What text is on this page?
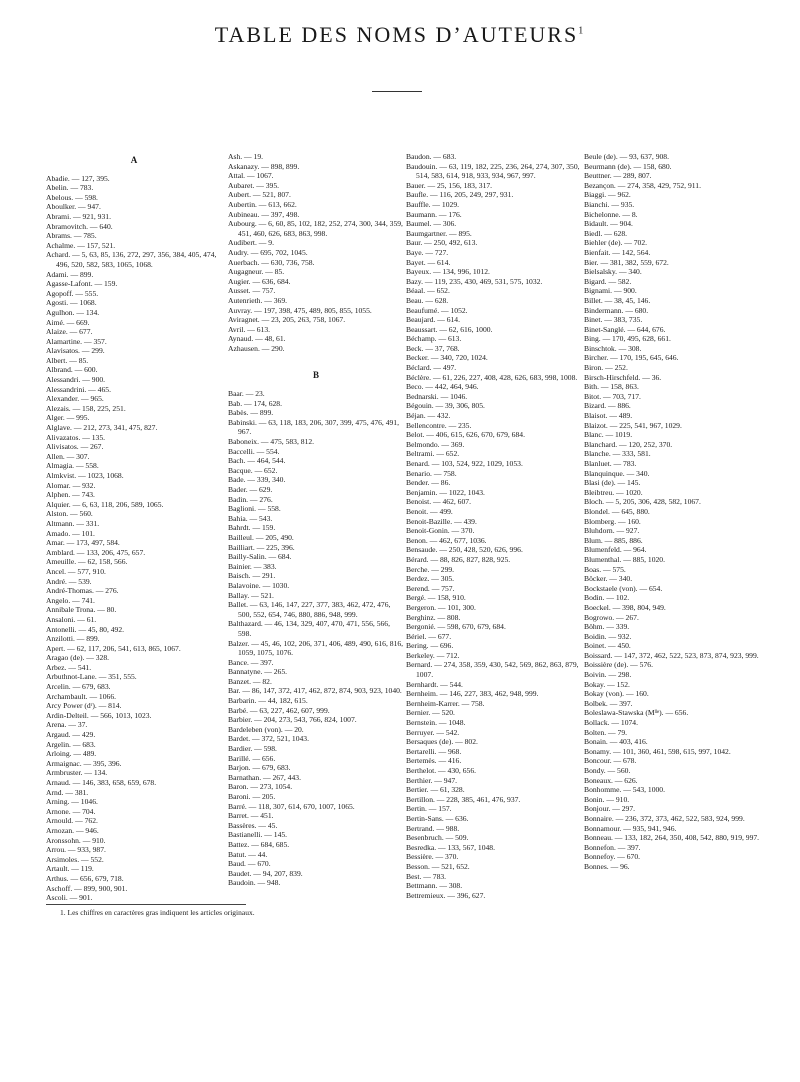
TABLE DES NOMS D’AUTEURS$^1$
A
Abadie. — 127, 395.
Abelin. — 783.
Abelous. — 598.
Aboulker. — 947.
Abrami. — 921, 931.
Abramovitch. — 640.
Abrams. — 785.
Achalme. — 157, 521.
Achard. — 5, 63, 85, 136, 272, 297, 356, 384, 405, 474, 496, 520, 582, 583, 1065, 1068.
Adami. — 899.
Agasse-Lafont. — 159.
Agopoff. — 555.
Agosti. — 1068.
Agulhon. — 134.
Aimé. — 669.
Alaize. — 677.
Alamartine. — 357.
Alavisatos. — 299.
Albert. — 85.
Albrand. — 600.
Alessandri. — 900.
Alessandrini. — 465.
Alexander. — 965.
Alezais. — 158, 225, 251.
Alger. — 995.
Alglave. — 212, 273, 341, 475, 827.
Alivazatos. — 135.
Alivisatos. — 267.
Allen. — 307.
Almagia. — 558.
Almkvist. — 1023, 1068.
Alomar. — 932.
Alphen. — 743.
Alquier. — 6, 63, 118, 206, 589, 1065.
Alston. — 560.
Altmann. — 331.
Amado. — 101.
Amar. — 173, 497, 584.
Amblard. — 133, 206, 475, 657.
Ameuille. — 62, 158, 566.
Ancel. — 577, 910.
André. — 539.
André-Thomas. — 276.
Angelo. — 741.
Annibale Trona. — 80.
Ansaloni. — 61.
Antonelli. — 45, 80, 492.
Anzilotti. — 899.
Apert. — 62, 117, 206, 541, 613, 865, 1067.
Aragao (de). — 328.
Arbez. — 541.
Arbuthnot-Lane. — 351, 555.
Arcelin. — 679, 683.
Archambault. — 1066.
Arcy Power (dʳ). — 814.
Ardin-Delteil. — 566, 1013, 1023.
Arena. — 37.
Argaud. — 429.
Argelin. — 683.
Arloing. — 489.
Armaignac. — 395, 396.
Armbruster. — 134.
Arnaud. — 146, 383, 658, 659, 678.
Arnd. — 381.
Arning. — 1046.
Arnone. — 704.
Arnould. — 762.
Arnozan. — 946.
Aronssohn. — 910.
Arrou. — 933, 987.
Arsimoles. — 552.
Artault. — 119.
Arthus. — 656, 679, 718.
Aschoff. — 899, 900, 901.
Ascoli. — 901.
Ash. — 19.
Askanazy. — 898, 899.
Attal. — 1067.
Aubaret. — 395.
Aubert. — 521, 807.
Aubertin. — 613, 662.
Aubineau. — 397, 498.
Aubourg. — 6, 60, 85, 102, 182, 252, 274, 300, 344, 359, 451, 460, 626, 683, 863, 998.
Audibert. — 9.
Audry. — 695, 702, 1045.
Auerbach. — 630, 736, 758.
Augagneur. — 85.
Augier. — 636, 684.
Ausset. — 757.
Autenrieth. — 369.
Auvray. — 197, 398, 475, 489, 805, 855, 1055.
Aviragnet. — 23, 205, 263, 758, 1067.
Avril. — 613.
Aynaud. — 48, 61.
Azhausen. — 290.
B
Baar. — 23.
Bab. — 174, 628.
Babès. — 899.
Babinski. — 63, 118, 183, 206, 307, 399, 475, 476, 491, 967.
Baboneix. — 475, 583, 812.
Baccelli. — 554.
Bach. — 464, 544.
Bacque. — 652.
Bade. — 339, 340.
Bader. — 629.
Badin. — 276.
Baglioni. — 558.
Bahia. — 543.
Bahrdt. — 159.
Bailleul. — 205, 490.
Bailliart. — 225, 396.
Bailly-Salin. — 684.
Bainier. — 383.
Baisch. — 291.
Balavoine. — 1030.
Ballay. — 521.
Ballet. — 63, 146, 147, 227, 377, 383, 462, 472, 476, 500, 552, 654, 746, 880, 886, 948, 999.
Balthazard. — 46, 134, 329, 407, 470, 471, 556, 566, 598.
Balzer. — 45, 46, 102, 206, 371, 406, 489, 490, 616, 816, 1059, 1075, 1076.
Bance. — 397.
Bannatyne. — 265.
Banzet. — 82.
Bar. — 86, 147, 372, 417, 462, 872, 874, 903, 923, 1040.
Barbarin. — 44, 182, 615.
Barbé. — 63, 227, 462, 607, 999.
Barbier. — 204, 273, 543, 766, 824, 1007.
Bardeleben (von). — 20.
Bardet. — 372, 521, 1043.
Bardier. — 598.
Barillé. — 656.
Barjon. — 679, 683.
Barnathan. — 267, 443.
Baron. — 273, 1054.
Baroni. — 205.
Barré. — 118, 307, 614, 670, 1007, 1065.
Barret. — 451.
Bassères. — 45.
Bastianelli. — 145.
Battez. — 684, 685.
Batut. — 44.
Baud. — 670.
Baudet. — 94, 207, 839.
Baudoin. — 948.
Baudon. — 683.
Baudouin. — 63, 119, 182, 225, 236, 264, 274, 307, 350, 514, 583, 614, 918, 933, 934, 967, 997.
Bauer. — 25, 156, 183, 317.
Baufle. — 116, 205, 249, 297, 931.
Bauffle. — 1029.
Baumann. — 176.
Baumel. — 306.
Baumgartner. — 895.
Baur. — 250, 492, 613.
Baye. — 727.
Bayet. — 614.
Bayeux. — 134, 996, 1012.
Bazy. — 119, 235, 430, 469, 531, 575, 1032.
Béaal. — 652.
Beau. — 628.
Beaufumé. — 1052.
Beaujard. — 614.
Beaussart. — 62, 616, 1000.
Béchamp. — 613.
Beck. — 37, 768.
Becker. — 340, 720, 1024.
Béclard. — 497.
Béclère. — 61, 226, 227, 408, 428, 626, 683, 998, 1008.
Beco. — 442, 464, 946.
Bednarski. — 1046.
Bégouin. — 39, 306, 805.
Béjan. — 432.
Bellencontre. — 235.
Belot. — 406, 615, 626, 670, 679, 684.
Belmondo. — 369.
Beltrami. — 652.
Benard. — 103, 524, 922, 1029, 1053.
Benario. — 758.
Bender. — 86.
Benjamin. — 1022, 1043.
Benoist. — 462, 607.
Benoit. — 499.
Benoit-Bazille. — 439.
Benoit-Gonin. — 370.
Benon. — 462, 677, 1036.
Bensaude. — 250, 428, 520, 626, 996.
Bérard. — 88, 826, 827, 828, 925.
Berche. — 299.
Berdez. — 305.
Berend. — 757.
Bergé. — 158, 910.
Bergeron. — 101, 300.
Berghinz. — 808.
Bergonié. — 598, 670, 679, 684.
Bériel. — 677.
Bering. — 696.
Berkeley. — 712.
Bernard. — 274, 358, 359, 430, 542, 569, 862, 863, 879, 1007.
Bernhardt. — 544.
Bernheim. — 146, 227, 383, 462, 948, 999.
Bernheim-Karrer. — 758.
Bernier. — 520.
Bernstein. — 1048.
Berruyer. — 542.
Bersaques (de). — 802.
Bertarelli. — 968.
Bertemès. — 416.
Berthelot. — 430, 656.
Berthier. — 947.
Bertier. — 61, 328.
Bertillon. — 228, 385, 461, 476, 937.
Bertin. — 157.
Bertin-Sans. — 636.
Bertrand. — 988.
Besenbruch. — 509.
Besredka. — 133, 567, 1048.
Bessière. — 370.
Besson. — 521, 652.
Best. — 783.
Bettmann. — 308.
Bettremieux. — 396, 627.
Beule (de). — 93, 637, 908.
Beurmann (de). — 158, 680.
Beuttner. — 289, 807.
Bezançon. — 274, 358, 429, 752, 911.
Biaggi. — 962.
Bianchi. — 935.
Bichelonne. — 8.
Bidault. — 904.
Biedl. — 628.
Biehler (de). — 702.
Bienfait. — 142, 564.
Bier. — 381, 382, 559, 672.
Bielsalsky. — 340.
Bigard. — 582.
Bignami. — 900.
Billet. — 38, 45, 146.
Bindermann. — 680.
Binet. — 383, 735.
Binet-Sanglé. — 644, 676.
Bing. — 170, 495, 628, 661.
Binschtok. — 308.
Bircher. — 170, 195, 645, 646.
Biron. — 252.
Birsch-Hirschfeld. — 36.
Bith. — 158, 863.
Bitot. — 703, 717.
Bizard. — 886.
Blaisot. — 489.
Blaizot. — 225, 541, 967, 1029.
Blanc. — 1019.
Blanchard. — 120, 252, 370.
Blanche. — 333, 581.
Blanluet. — 783.
Blanquinque. — 340.
Blasi (de). — 145.
Bleibtreu. — 1020.
Bloch. — 5, 205, 306, 428, 582, 1067.
Blondel. — 645, 880.
Blomberg. — 160.
Bluhdorn. — 927.
Blum. — 885, 886.
Blumenfeld. — 964.
Blumenthal. — 885, 1020.
Boas. — 575.
Böcker. — 340.
Bockstaele (von). — 654.
Bodin. — 102.
Boeckel. — 398, 804, 949.
Bogrowo. — 267.
Böhm. — 339.
Boidin. — 932.
Boinet. — 450.
Boissard. — 147, 372, 462, 522, 523, 873, 874, 923, 999.
Boissière (de). — 576.
Boivin. — 298.
Bokay. — 152.
Bokay (von). — 160.
Bolbek. — 397.
Boleslawa-Stawska (Mˡˡᵉ). — 656.
Bollack. — 1074.
Bolten. — 79.
Bonain. — 403, 416.
Bonamy. — 101, 360, 461, 598, 615, 997, 1042.
Boncour. — 678.
Bondy. — 560.
Boneaux. — 626.
Bonhomme. — 543, 1000.
Bonin. — 910.
Bonjour. — 297.
Bonnaire. — 236, 372, 373, 462, 522, 583, 924, 999.
Bonnamour. — 935, 941, 946.
Bonneau. — 133, 182, 264, 350, 408, 542, 880, 919, 997.
Bonnefon. — 397.
Bonnefoy. — 670.
Bonnes. — 96.
1. Les chiffres en caractères gras indiquent les articles originaux.
